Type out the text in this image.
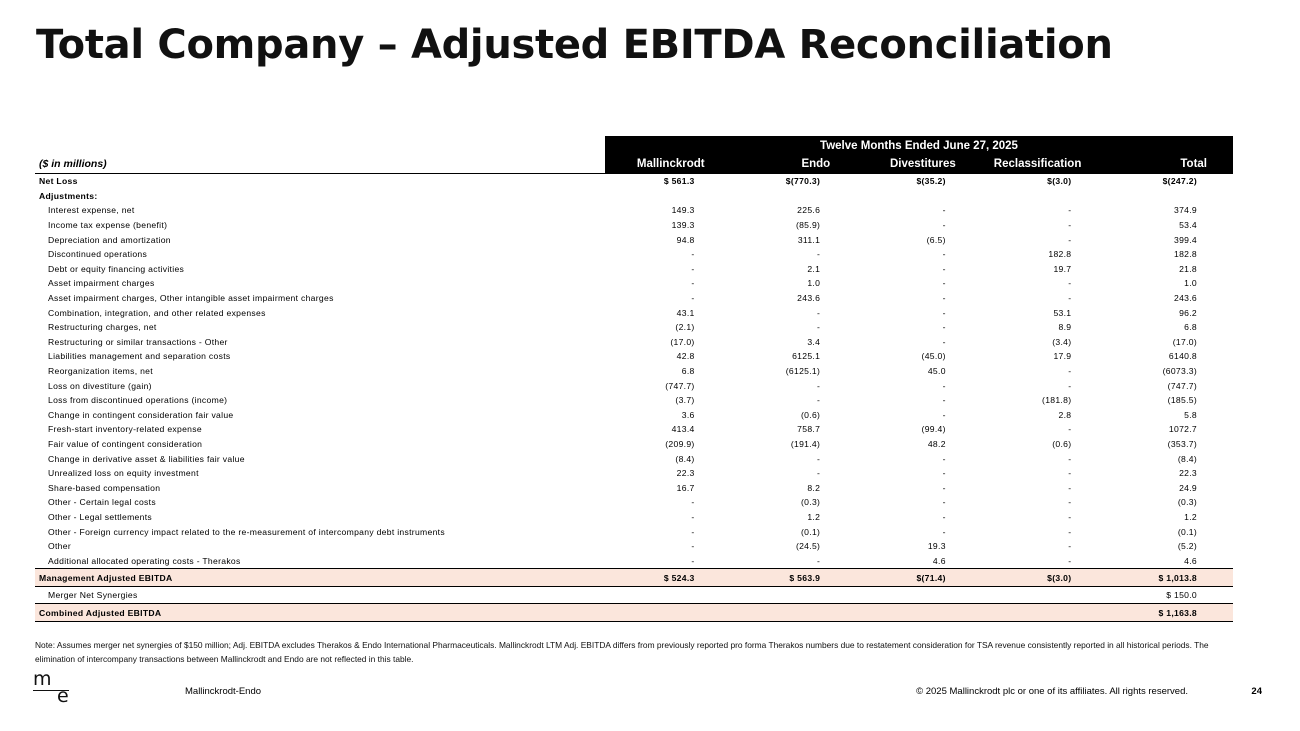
Total Company – Adjusted EBITDA Reconciliation
	Twelve Months Ended June 27, 2025				
($ in millions)	Mallinckrodt	Endo	Divestitures	Reclassification	Total
Net Loss	$ 561.3	$(770.3)	$(35.2)	$(3.0)	$(247.2)
Adjustments:					
Interest expense, net	149.3	225.6	-	-	374.9
Income tax expense (benefit)	139.3	(85.9)	-	-	53.4
Depreciation and amortization	94.8	311.1	(6.5)	-	399.4
Discontinued operations	-	-	-	182.8	182.8
Debt or equity financing activities	-	2.1	-	19.7	21.8
Asset impairment charges	-	1.0	-	-	1.0
Asset impairment charges, Other intangible asset impairment charges	-	243.6	-	-	243.6
Combination, integration, and other related expenses	43.1	-	-	53.1	96.2
Restructuring charges, net	(2.1)	-	-	8.9	6.8
Restructuring or similar transactions - Other	(17.0)	3.4	-	(3.4)	(17.0)
Liabilities management and separation costs	42.8	6125.1	(45.0)	17.9	6140.8
Reorganization items, net	6.8	(6125.1)	45.0	-	(6073.3)
Loss on divestiture (gain)	(747.7)	-	-	-	(747.7)
Loss from discontinued operations (income)	(3.7)	-	-	(181.8)	(185.5)
Change in contingent consideration fair value	3.6	(0.6)	-	2.8	5.8
Fresh-start inventory-related expense	413.4	758.7	(99.4)	-	1072.7
Fair value of contingent consideration	(209.9)	(191.4)	48.2	(0.6)	(353.7)
Change in derivative asset & liabilities fair value	(8.4)	-	-	-	(8.4)
Unrealized loss on equity investment	22.3	-	-	-	22.3
Share-based compensation	16.7	8.2	-	-	24.9
Other - Certain legal costs	-	(0.3)	-	-	(0.3)
Other - Legal settlements	-	1.2	-	-	1.2
Other - Foreign currency impact related to the re-measurement of intercompany debt instruments	-	(0.1)	-	-	(0.1)
Other	-	(24.5)	19.3	-	(5.2)
Additional allocated operating costs - Therakos	-	-	4.6	-	4.6
Management Adjusted EBITDA	$ 524.3	$ 563.9	$(71.4)	$(3.0)	$ 1,013.8
Merger Net Synergies					$ 150.0
Combined Adjusted EBITDA					$ 1,163.8
Note: Assumes merger net synergies of $150 million; Adj. EBITDA excludes Therakos & Endo International Pharmaceuticals. Mallinckrodt LTM Adj. EBITDA differs from previously reported pro forma Therakos numbers due to restatement consideration for TSA revenue consistently reported in all historical periods. The elimination of intercompany transactions between Mallinckrodt and Endo are not reflected in this table.
m
e	Mallinckrodt-Endo	© 2025 Mallinckrodt plc or one of its affiliates. All rights reserved.	24
